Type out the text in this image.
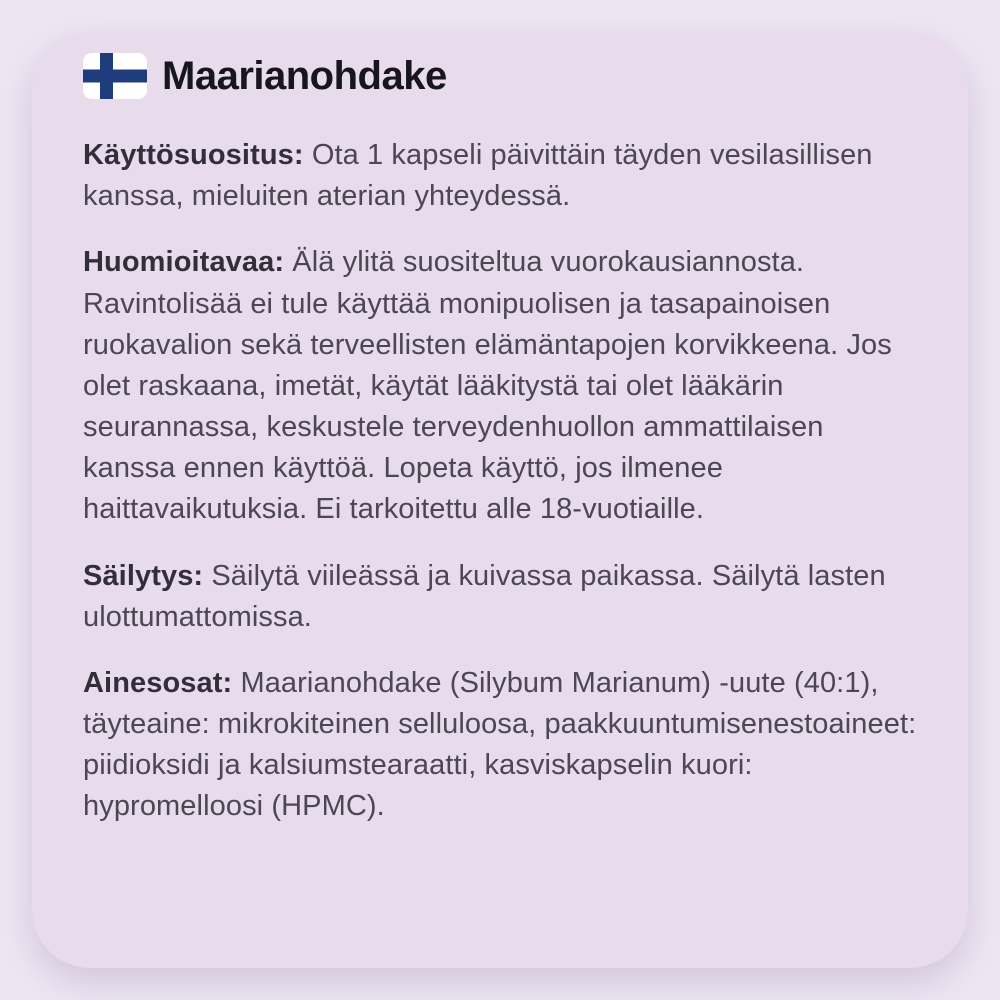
Maarianohdake

Käyttösuositus: Ota 1 kapseli päivittäin täyden vesilasillisen kanssa, mieluiten aterian yhteydessä.

Huomioitavaa: Älä ylitä suositeltua vuorokausiannosta. Ravintolisää ei tule käyttää monipuolisen ja tasapainoisen ruokavalion sekä terveellisten elämäntapojen korvikkeena. Jos olet raskaana, imetät, käytät lääkitystä tai olet lääkärin seurannassa, keskustele terveydenhuollon ammattilaisen kanssa ennen käyttöä. Lopeta käyttö, jos ilmenee haittavaikutuksia. Ei tarkoitettu alle 18-vuotiaille.

Säilytys: Säilytä viileässä ja kuivassa paikassa. Säilytä lasten ulottumattomissa.

Ainesosat: Maarianohdake (Silybum Marianum) -uute (40:1), täyteaine: mikrokiteinen selluloosa, paakkuuntumisenestoaineet: piidioksidi ja kalsiumstearaatti, kasviskapselin kuori: hypromelloosi (HPMC).
